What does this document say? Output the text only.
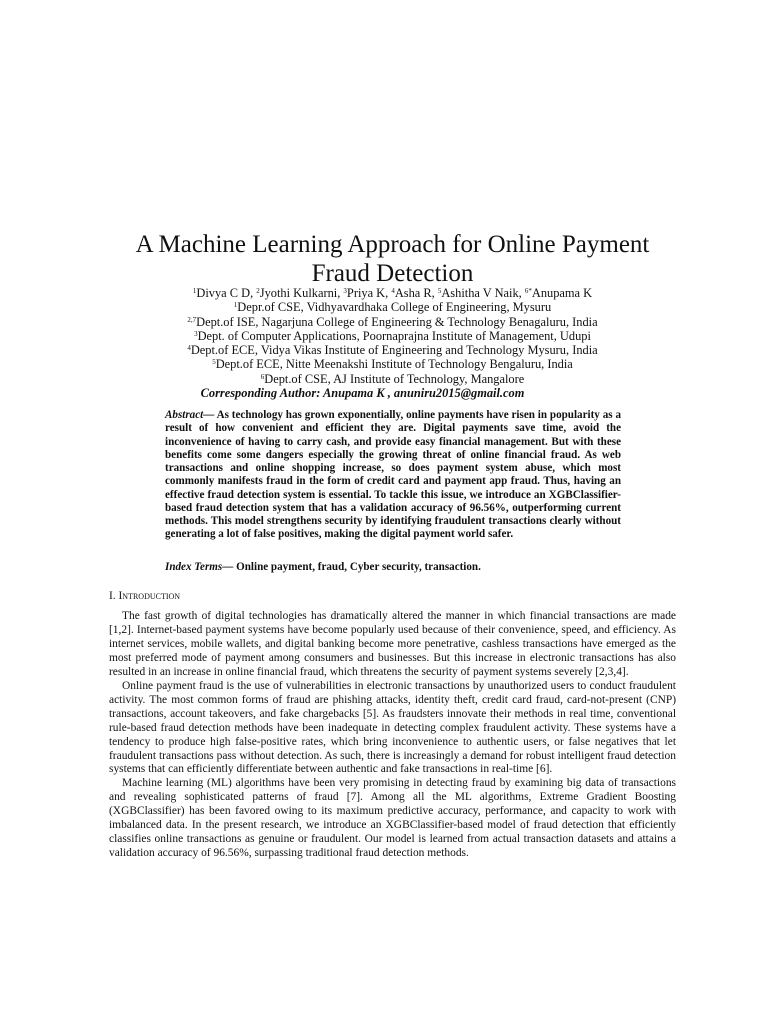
A Machine Learning Approach for Online Payment
Fraud Detection
$^1$Divya C D, $^2$Jyothi Kulkarni, $^3$Priya K, $^4$Asha R, $^5$Ashitha V Naik, $^{6*}$Anupama K
$^1$Depr.of CSE, Vidhyavardhaka College of Engineering, Mysuru
$^{2,7}$Dept.of ISE, Nagarjuna College of Engineering & Technology Benagaluru, India
$^3$Dept. of Computer Applications, Poornaprajna Institute of Management, Udupi
$^4$Dept.of ECE, Vidya Vikas Institute of Engineering and Technology Mysuru, India
$^5$Dept.of ECE, Nitte Meenakshi Institute of Technology Bengaluru, India
$^6$Dept.of CSE, AJ Institute of Technology, Mangalore
Corresponding Author: Anupama K , anuniru2015@gmail.com
Abstract— As technology has grown exponentially, online payments have risen in popularity as a result of how convenient and efficient they are. Digital payments save time, avoid the inconvenience of having to carry cash, and provide easy financial management. But with these benefits come some dangers especially the growing threat of online financial fraud. As web transactions and online shopping increase, so does payment system abuse, which most commonly manifests fraud in the form of credit card and payment app fraud. Thus, having an effective fraud detection system is essential. To tackle this issue, we introduce an XGBClassifier-based fraud detection system that has a validation accuracy of 96.56%, outperforming current methods. This model strengthens security by identifying fraudulent transactions clearly without generating a lot of false positives, making the digital payment world safer.
Index Terms— Online payment, fraud, Cyber security, transaction.
I. Introduction

The fast growth of digital technologies has dramatically altered the manner in which financial transactions are made [1,2]. Internet-based payment systems have become popularly used because of their convenience, speed, and efficiency. As internet services, mobile wallets, and digital banking become more penetrative, cashless transactions have emerged as the most preferred mode of payment among consumers and businesses. But this increase in electronic transactions has also resulted in an increase in online financial fraud, which threatens the security of payment systems severely [2,3,4].

Online payment fraud is the use of vulnerabilities in electronic transactions by unauthorized users to conduct fraudulent activity. The most common forms of fraud are phishing attacks, identity theft, credit card fraud, card-not-present (CNP) transactions, account takeovers, and fake chargebacks [5]. As fraudsters innovate their methods in real time, conventional rule-based fraud detection methods have been inadequate in detecting complex fraudulent activity. These systems have a tendency to produce high false-positive rates, which bring inconvenience to authentic users, or false negatives that let fraudulent transactions pass without detection. As such, there is increasingly a demand for robust intelligent fraud detection systems that can efficiently differentiate between authentic and fake transactions in real-time [6].

Machine learning (ML) algorithms have been very promising in detecting fraud by examining big data of transactions and revealing sophisticated patterns of fraud [7]. Among all the ML algorithms, Extreme Gradient Boosting (XGBClassifier) has been favored owing to its maximum predictive accuracy, performance, and capacity to work with imbalanced data. In the present research, we introduce an XGBClassifier-based model of fraud detection that efficiently classifies online transactions as genuine or fraudulent. Our model is learned from actual transaction datasets and attains a validation accuracy of 96.56%, surpassing traditional fraud detection methods.
